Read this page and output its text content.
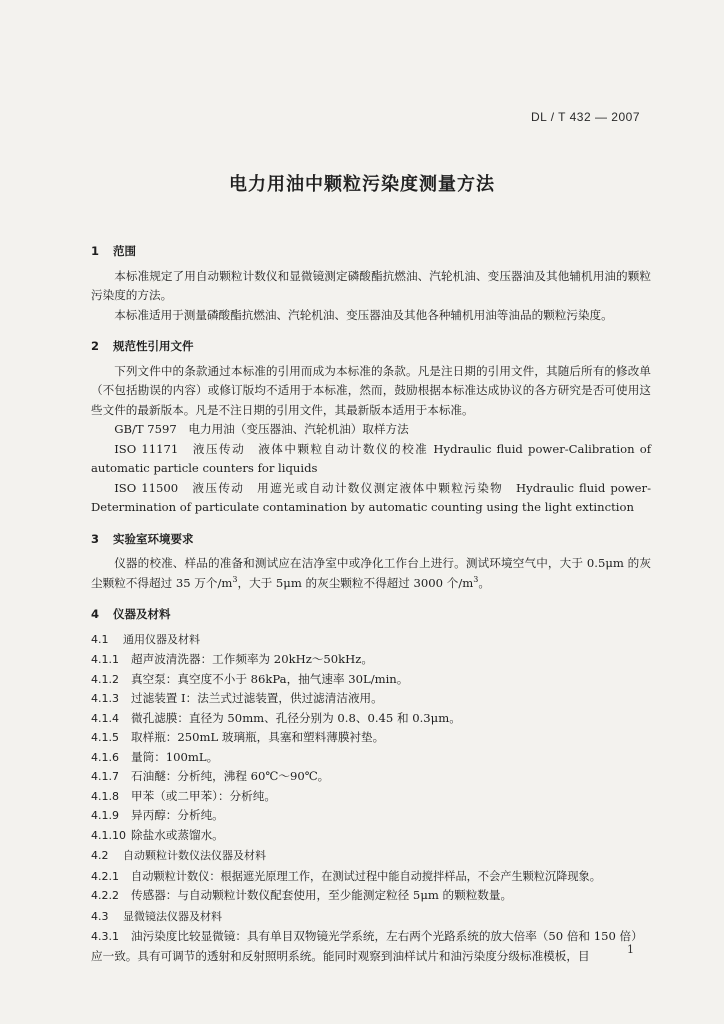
DL / T 432 — 2007
电力用油中颗粒污染度测量方法
1 范围

本标准规定了用自动颗粒计数仪和显微镜测定磷酸酯抗燃油、汽轮机油、变压器油及其他辅机用油的颗粒污染度的方法。

本标准适用于测量磷酸酯抗燃油、汽轮机油、变压器油及其他各种辅机用油等油品的颗粒污染度。

2 规范性引用文件

下列文件中的条款通过本标准的引用而成为本标准的条款。凡是注日期的引用文件，其随后所有的修改单（不包括勘误的内容）或修订版均不适用于本标准，然而，鼓励根据本标准达成协议的各方研究是否可使用这些文件的最新版本。凡是不注日期的引用文件，其最新版本适用于本标准。

GB/T 7597　电力用油（变压器油、汽轮机油）取样方法

ISO 11171　液压传动　液体中颗粒自动计数仪的校准 Hydraulic fluid power-Calibration of automatic particle counters for liquids

ISO 11500　液压传动　用遮光或自动计数仪测定液体中颗粒污染物　Hydraulic fluid power-Determination of particulate contamination by automatic counting using the light extinction

3 实验室环境要求

仪器的校准、样品的准备和测试应在洁净室中或净化工作台上进行。测试环境空气中，大于 0.5μm 的灰尘颗粒不得超过 35 万个$/m^3$，大于 5μm 的灰尘颗粒不得超过 3000 个$/m^3$。

4 仪器及材料
4.1 通用仪器及材料
4.1.1 超声波清洗器：工作频率为 20kHz～50kHz。
4.1.2 真空泵：真空度不小于 86kPa，抽气速率 30L/min。
4.1.3 过滤装置 I：法兰式过滤装置，供过滤清洁液用。
4.1.4 微孔滤膜：直径为 50mm、孔径分别为 0.8、0.45 和 0.3μm。
4.1.5 取样瓶：250mL 玻璃瓶，具塞和塑料薄膜衬垫。
4.1.6 量筒：100mL。
4.1.7 石油醚：分析纯，沸程 60℃～90℃。
4.1.8 甲苯（或二甲苯）：分析纯。
4.1.9 异丙醇：分析纯。
4.1.10 除盐水或蒸馏水。
4.2 自动颗粒计数仪法仪器及材料
4.2.1 自动颗粒计数仪：根据遮光原理工作，在测试过程中能自动搅拌样品，不会产生颗粒沉降现象。
4.2.2 传感器：与自动颗粒计数仪配套使用，至少能测定粒径 5μm 的颗粒数量。
4.3 显微镜法仪器及材料
4.3.1 油污染度比较显微镜：具有单目双物镜光学系统，左右两个光路系统的放大倍率（50 倍和 150 倍）应一致。具有可调节的透射和反射照明系统。能同时观察到油样试片和油污染度分级标准模板，目	1
